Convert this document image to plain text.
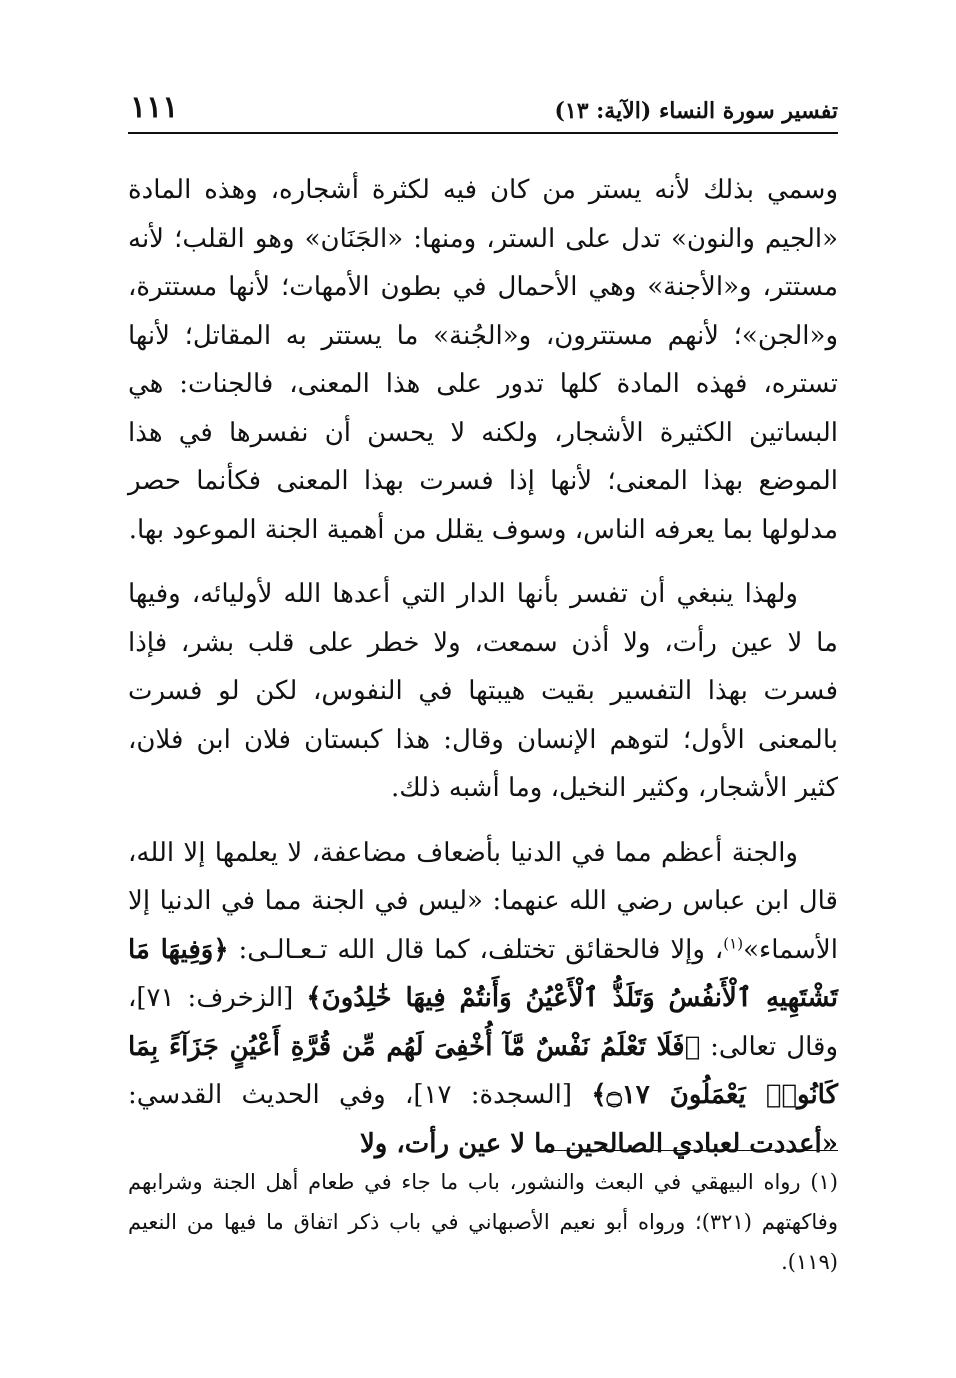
تفسير سورة النساء (الآية: ١٣)
١١١

وسمي بذلك لأنه يستر من كان فيه لكثرة أشجاره، وهذه المادة «الجيم والنون» تدل على الستر، ومنها: «الجَنَان» وهو القلب؛ لأنه مستتر، و«الأجنة» وهي الأحمال في بطون الأمهات؛ لأنها مستترة، و«الجن»؛ لأنهم مستترون، و«الجُنة» ما يستتر به المقاتل؛ لأنها تستره، فهذه المادة كلها تدور على هذا المعنى، فالجنات: هي البساتين الكثيرة الأشجار، ولكنه لا يحسن أن نفسرها في هذا الموضع بهذا المعنى؛ لأنها إذا فسرت بهذا المعنى فكأنما حصر مدلولها بما يعرفه الناس، وسوف يقلل من أهمية الجنة الموعود بها.

ولهذا ينبغي أن تفسر بأنها الدار التي أعدها الله لأوليائه، وفيها ما لا عين رأت، ولا أذن سمعت، ولا خطر على قلب بشر، فإذا فسرت بهذا التفسير بقيت هيبتها في النفوس، لكن لو فسرت بالمعنى الأول؛ لتوهم الإنسان وقال: هذا كبستان فلان ابن فلان، كثير الأشجار، وكثير النخيل، وما أشبه ذلك.

والجنة أعظم مما في الدنيا بأضعاف مضاعفة، لا يعلمها إلا الله، قال ابن عباس رضي الله عنهما: «ليس في الجنة مما في الدنيا إلا الأسماء»$^{(١)}$، وإلا فالحقائق تختلف، كما قال الله تـعـالـى: ﴿وَفِيهَا مَا تَشْتَهِيهِ ٱلْأَنفُسُ وَتَلَذُّ ٱلْأَعْيُنُ وَأَنتُمْ فِيهَا خَٰلِدُونَ﴾ [الزخرف: ٧١]، وقال تعالى: ﴿فَلَا تَعْلَمُ نَفْسٌ مَّآ أُخْفِىَ لَهُم مِّن قُرَّةِ أَعْيُنٍ جَزَآءً بِمَا كَانُوا۟ يَعْمَلُونَ ۝١٧﴾ [السجدة: ١٧]، وفي الحديث القدسي: «أعددت لعبادي الصالحين ما لا عين رأت، ولا

(١) رواه البيهقي في البعث والنشور، باب ما جاء في طعام أهل الجنة وشرابهم وفاكهتهم (٣٢١)؛ ورواه أبو نعيم الأصبهاني في باب ذكر اتفاق ما فيها من النعيم (١١٩).
